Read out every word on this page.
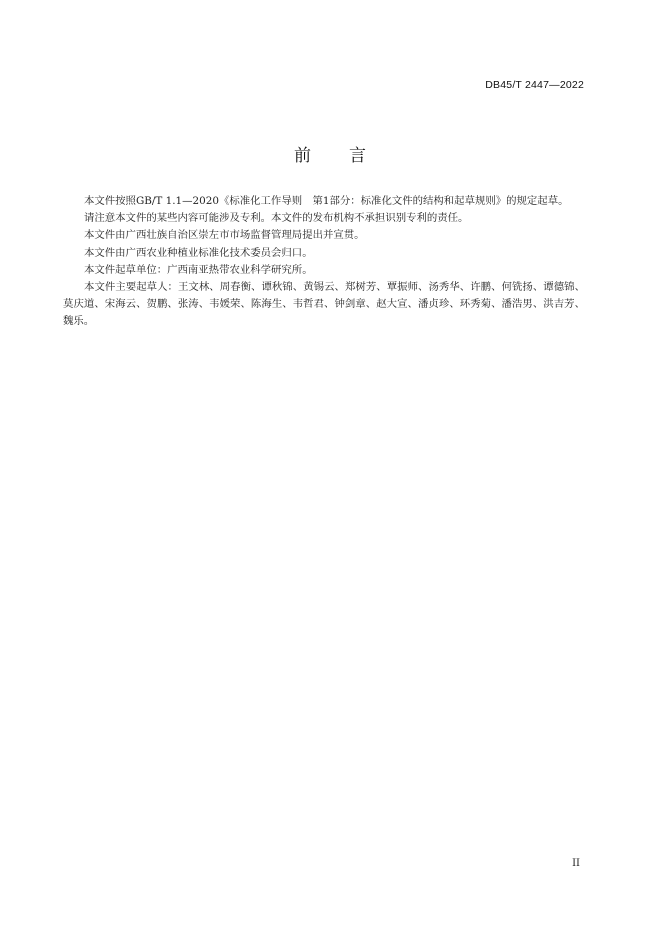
DB45/T 2447—2022
前 言

本文件按照GB/T 1.1—2020《标准化工作导则　第1部分：标准化文件的结构和起草规则》的规定起草。

请注意本文件的某些内容可能涉及专利。本文件的发布机构不承担识别专利的责任。

本文件由广西壮族自治区崇左市市场监督管理局提出并宣贯。

本文件由广西农业种植业标准化技术委员会归口。

本文件起草单位：广西南亚热带农业科学研究所。

本文件主要起草人：王文林、周春衡、谭秋锦、黄锡云、郑树芳、覃振师、汤秀华、许鹏、何铣扬、谭德锦、莫庆道、宋海云、贺鹏、张涛、韦媛荣、陈海生、韦哲君、钟剑章、赵大宣、潘贞珍、环秀菊、潘浩男、洪吉芳、魏乐。

II
